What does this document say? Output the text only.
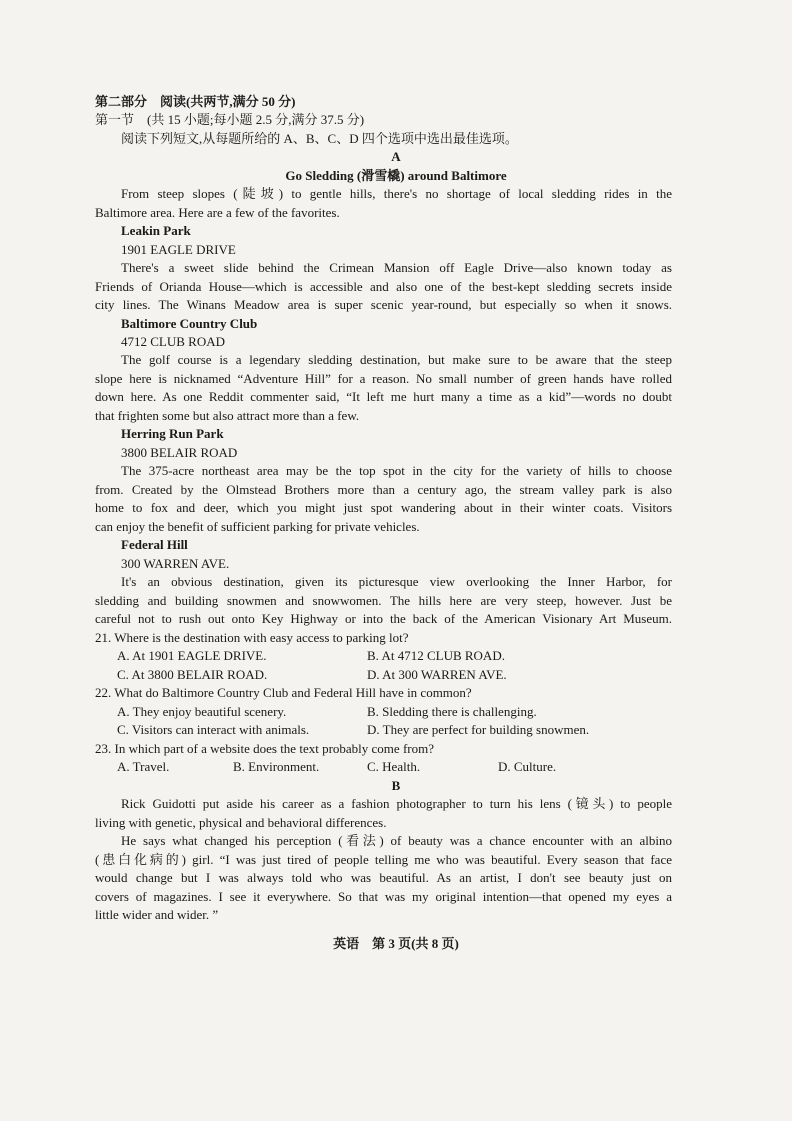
第二部分　阅读(共两节,满分 50 分)
第一节　(共 15 小题;每小题 2.5 分,满分 37.5 分)
阅读下列短文,从每题所给的 A、B、C、D 四个选项中选出最佳选项。
A
Go Sledding (滑雪橇) around Baltimore
From steep slopes (陡坡) to gentle hills, there's no shortage of local sledding rides in the
Baltimore area. Here are a few of the favorites.
Leakin Park
1901 EAGLE DRIVE
There's a sweet slide behind the Crimean Mansion off Eagle Drive—also known today as
Friends of Orianda House—which is accessible and also one of the best-kept sledding secrets inside
city lines. The Winans Meadow area is super scenic year-round, but especially so when it snows.
Baltimore Country Club
4712 CLUB ROAD
The golf course is a legendary sledding destination, but make sure to be aware that the steep
slope here is nicknamed “Adventure Hill” for a reason. No small number of green hands have rolled
down here. As one Reddit commenter said, “It left me hurt many a time as a kid”—words no doubt
that frighten some but also attract more than a few.
Herring Run Park
3800 BELAIR ROAD
The 375-acre northeast area may be the top spot in the city for the variety of hills to choose
from. Created by the Olmstead Brothers more than a century ago, the stream valley park is also
home to fox and deer, which you might just spot wandering about in their winter coats. Visitors
can enjoy the benefit of sufficient parking for private vehicles.
Federal Hill
300 WARREN AVE.
It's an obvious destination, given its picturesque view overlooking the Inner Harbor, for
sledding and building snowmen and snowwomen. The hills here are very steep, however. Just be
careful not to rush out onto Key Highway or into the back of the American Visionary Art Museum.
21. Where is the destination with easy access to parking lot?
A. At 1901 EAGLE DRIVE.	B. At 4712 CLUB ROAD.
C. At 3800 BELAIR ROAD.	D. At 300 WARREN AVE.
22. What do Baltimore Country Club and Federal Hill have in common?
A. They enjoy beautiful scenery.	B. Sledding there is challenging.
C. Visitors can interact with animals.	D. They are perfect for building snowmen.
23. In which part of a website does the text probably come from?
A. Travel.	B. Environment.	C. Health.	D. Culture.
B
Rick Guidotti put aside his career as a fashion photographer to turn his lens (镜头) to people
living with genetic, physical and behavioral differences.
He says what changed his perception (看法) of beauty was a chance encounter with an albino
(患白化病的) girl. “I was just tired of people telling me who was beautiful. Every season that face
would change but I was always told who was beautiful. As an artist, I don't see beauty just on
covers of magazines. I see it everywhere. So that was my original intention—that opened my eyes a
little wider and wider. ”
英语　第 3 页(共 8 页)
